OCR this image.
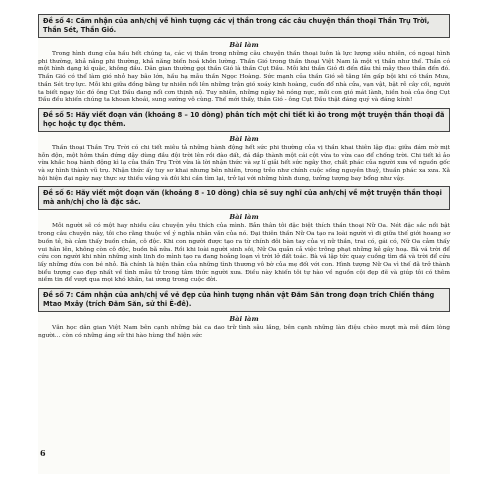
Đề số 4: Cảm nhận của anh/chị về hình tượng các vị thần trong các câu chuyện thần thoại Thần Trụ Trời, Thần Sét, Thần Gió.
Bài làm

Trong hình dung của hầu hết chúng ta, các vị thần trong những câu chuyện thần thoại luôn là lực lượng siêu nhiên, có ngoại hình phi thường, khả năng phi thường, khả năng biến hoá khôn lường. Thần Gió trong thần thoại Việt Nam là một vị thần như thế. Thần có một hình dạng kì quặc, không đầu. Dân gian thường gọi thần Gió là thần Cụt Đầu. Mỗi khi thần Gió đi đến đâu thì mây theo thần đến đó. Thần Gió có thể làm gió nhỏ hay bão lớn, hầu hạ mẫu thần Ngọc Hoàng. Sức mạnh của thần Gió sẽ tăng lên gấp bội khi có thần Mưa, thần Sét trợ lực. Mỗi khi giữa đồng bằng tự nhiên nổi lên những trận gió xoáy kinh hoàng, cuốn đổ nhà cửa, vạn vật, bật rễ cây cối, người ta biết ngay lúc đó ông Cụt Đầu đang nổi cơn thịnh nộ. Tuy nhiên, những ngày hè nóng nực, mỗi con gió mát lành, hiền hoà của ông Cụt Đầu đều khiến chúng ta khoan khoái, sung sướng vô cùng. Thế mới thấy, thần Gió - ông Cụt Đầu thật đáng quý và đáng kính!

Đề số 5: Hãy viết đoạn văn (khoảng 8 – 10 dòng) phân tích một chi tiết kì ảo trong một truyện thần thoại đã học hoặc tự đọc thêm.
Bài làm

Thần thoại Thần Trụ Trời có chi tiết miêu tả những hành động hết sức phi thường của vị thần khai thiên lập địa: giữa đám mờ mịt hỗn độn, một hôm thần đứng dậy dùng đầu đội trời lên rồi đào đất, đá đắp thành một cái cột vừa to vừa cao để chống trời. Chi tiết kì ảo vừa khắc hoạ hành động kì lạ của thần Trụ Trời vừa là lời nhận thức và sự lí giải hết sức ngây thơ, chất phác của người xưa về nguồn gốc và sự hình thành vũ trụ. Nhận thức ấy tuy sơ khai nhưng bên nhiên, trong trẻo như chính cuộc sống nguyên thuỷ, thuần phác xa xưa. Xã hội hiện đại ngày nay thực sự thiếu vắng và đôi khi cần tìm lại, trở lại với những hình dung, tưởng tượng bay bổng như vậy.

Đề số 6: Hãy viết một đoạn văn (khoảng 8 - 10 dòng) chia sẻ suy nghĩ của anh/chị về một truyện thần thoại mà anh/chị cho là đặc sắc.
Bài làm

Mỗi người sẽ có một hay nhiều câu chuyện yêu thích của mình. Bản thân tôi đặc biệt thích thần thoại Nữ Oa. Nét đặc sắc nổi bật trong câu chuyện này, tôi cho rằng thuộc về ý nghĩa nhân văn của nó. Đại thiên thần Nữ Oa tạo ra loài người vì đi giữa thế giới hoang sơ buồn tẻ, bà cảm thấy buồn chán, cô độc. Khi con người được tạo ra từ chính đôi bàn tay của vị nữ thần, trai có, gái có, Nữ Oa cảm thấy vui hân lên, không còn cô độc, buồn bã nữa. Rồi khi loài người sinh sôi, Nữ Oa quản cả việc trông phạt những kẻ gây hoạ. Bà vá trời để cứu con người khi nhìn những sinh linh do mình tạo ra đang hoảng loạn vì trời lở đất toác. Bà vá lập tức quay cuồng tìm đá và trời để cứu lấy những đứa con bé nhỏ. Bà chính là hiện thân của những tình thương vô bờ của mẹ đối với con. Hình tượng Nữ Oa vì thế đã trở thành biểu tượng cao đẹp nhất về tình mẫu tử trong tâm thức người xưa. Điều này khiến tôi tự hào về nguồn cội đẹp đẽ và giúp tôi có thêm niềm tin để vượt qua mọi khó khăn, tai ương trong cuộc đời.

Đề số 7: Cảm nhận của anh/chị về vẻ đẹp của hình tượng nhân vật Đăm Săn trong đoạn trích Chiến thắng Mtao Mxây (trích Đăm Săn, sử thi Ê-đê).
Bài làm

Văn học dân gian Việt Nam bên cạnh những bài ca dao trữ tình sâu lắng, bên cạnh những làn điệu chèo mượt mà mê đắm lòng người... còn có những áng sử thi hào hùng thể hiện sức

6
